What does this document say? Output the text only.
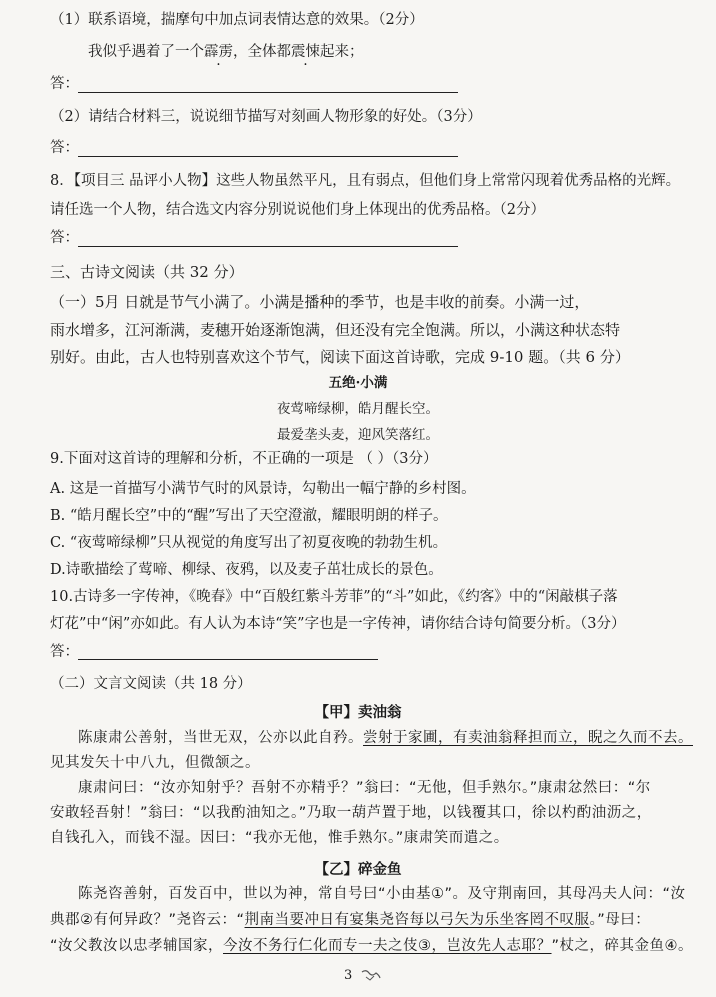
（1）联系语境，揣摩句中加点词表情达意的效果。（2分）
我似乎遇着了一个霹雳，全体都震悚起来；
答：
（2）请结合材料三，说说细节描写对刻画人物形象的好处。（3分）
答：
8．【项目三 品评小人物】这些人物虽然平凡，且有弱点，但他们身上常常闪现着优秀品格的光辉。
请任选一个人物，结合选文内容分别说说他们身上体现出的优秀品格。（2分）
答：
三、古诗文阅读（共 32 分）
（一）5月 日就是节气小满了。小满是播种的季节，也是丰收的前奏。小满一过，
雨水增多，江河渐满，麦穗开始逐渐饱满，但还没有完全饱满。所以，小满这种状态特
别好。由此，古人也特别喜欢这个节气，阅读下面这首诗歌，完成 9-10 题。（共 6 分）
五绝·小满
夜莺啼绿柳，皓月醒长空。
最爱垄头麦，迎风笑落红。
9.下面对这首诗的理解和分析，不正确的一项是 （ ）（3分）
A. 这是一首描写小满节气时的风景诗，勾勒出一幅宁静的乡村图。
B. “皓月醒长空”中的“醒”写出了天空澄澈，耀眼明朗的样子。
C. “夜莺啼绿柳”只从视觉的角度写出了初夏夜晚的勃勃生机。
D.诗歌描绘了莺啼、柳绿、夜鸦，以及麦子茁壮成长的景色。
10.古诗多一字传神，《晚春》中“百般红紫斗芳菲”的“斗”如此，《约客》中的“闲敲棋子落
灯花”中“闲”亦如此。有人认为本诗“笑”字也是一字传神，请你结合诗句简要分析。（3分）
答：
（二）文言文阅读（共 18 分）
【甲】卖油翁
陈康肃公善射，当世无双，公亦以此自矜。尝射于家圃，有卖油翁释担而立，睨之久而不去。
见其发矢十中八九，但微颔之。
康肃问曰：“汝亦知射乎？吾射不亦精乎？”翁曰：“无他，但手熟尔。”康肃忿然曰：“尔
安敢轻吾射！”翁曰：“以我酌油知之。”乃取一葫芦置于地，以钱覆其口，徐以杓酌油沥之，
自钱孔入，而钱不湿。因曰：“我亦无他，惟手熟尔。”康肃笑而遣之。
【乙】碎金鱼
陈尧咨善射，百发百中，世以为神，常自号曰“小由基①”。及守荆南回，其母冯夫人问：“汝
典郡②有何异政？”尧咨云：“荆南当要冲日有宴集尧咨每以弓矢为乐坐客罔不叹服。”母曰：
“汝父教汝以忠孝辅国家，今汝不务行仁化而专一夫之伎③，岂汝先人志耶？”杖之，碎其金鱼④。
3
